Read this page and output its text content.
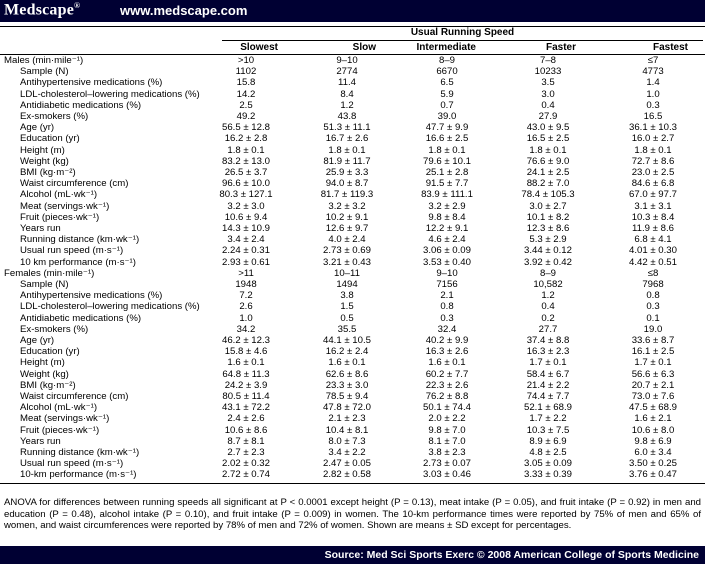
Medscape®	www.medscape.com
Usual Running Speed
Slowest	Slow	Intermediate	Faster	Fastest
Males (min·mile⁻¹)	>10	9–10	8–9	7–8	≤7
Sample (N)	1102	2774	6670	10233	4773
Antihypertensive medications (%)	15.8	11.4	6.5	3.5	1.4
LDL-cholesterol–lowering medications (%)	14.2	8.4	5.9	3.0	1.0
Antidiabetic medications (%)	2.5	1.2	0.7	0.4	0.3
Ex-smokers (%)	49.2	43.8	39.0	27.9	16.5
Age (yr)	56.5 ± 12.8	51.3 ± 11.1	47.7 ± 9.9	43.0 ± 9.5	36.1 ± 10.3
Education (yr)	16.2 ± 2.8	16.7 ± 2.6	16.6 ± 2.5	16.5 ± 2.5	16.0 ± 2.7
Height (m)	1.8 ± 0.1	1.8 ± 0.1	1.8 ± 0.1	1.8 ± 0.1	1.8 ± 0.1
Weight (kg)	83.2 ± 13.0	81.9 ± 11.7	79.6 ± 10.1	76.6 ± 9.0	72.7 ± 8.6
BMI (kg·m⁻²)	26.5 ± 3.7	25.9 ± 3.3	25.1 ± 2.8	24.1 ± 2.5	23.0 ± 2.5
Waist circumference (cm)	96.6 ± 10.0	94.0 ± 8.7	91.5 ± 7.7	88.2 ± 7.0	84.6 ± 6.8
Alcohol (mL·wk⁻¹)	80.3 ± 127.1	81.7 ± 119.3	83.9 ± 111.1	78.4 ± 105.3	67.0 ± 97.7
Meat (servings·wk⁻¹)	3.2 ± 3.0	3.2 ± 3.2	3.2 ± 2.9	3.0 ± 2.7	3.1 ± 3.1
Fruit (pieces·wk⁻¹)	10.6 ± 9.4	10.2 ± 9.1	9.8 ± 8.4	10.1 ± 8.2	10.3 ± 8.4
Years run	14.3 ± 10.9	12.6 ± 9.7	12.2 ± 9.1	12.3 ± 8.6	11.9 ± 8.6
Running distance (km·wk⁻¹)	3.4 ± 2.4	4.0 ± 2.4	4.6 ± 2.4	5.3 ± 2.9	6.8 ± 4.1
Usual run speed (m·s⁻¹)	2.24 ± 0.31	2.73 ± 0.69	3.06 ± 0.09	3.44 ± 0.12	4.01 ± 0.30
10 km performance (m·s⁻¹)	2.93 ± 0.61	3.21 ± 0.43	3.53 ± 0.40	3.92 ± 0.42	4.42 ± 0.51
Females (min·mile⁻¹)	>11	10–11	9–10	8–9	≤8
Sample (N)	1948	1494	7156	10,582	7968
Antihypertensive medications (%)	7.2	3.8	2.1	1.2	0.8
LDL-cholesterol–lowering medications (%)	2.6	1.5	0.8	0.4	0.3
Antidiabetic medications (%)	1.0	0.5	0.3	0.2	0.1
Ex-smokers (%)	34.2	35.5	32.4	27.7	19.0
Age (yr)	46.2 ± 12.3	44.1 ± 10.5	40.2 ± 9.9	37.4 ± 8.8	33.6 ± 8.7
Education (yr)	15.8 ± 4.6	16.2 ± 2.4	16.3 ± 2.6	16.3 ± 2.3	16.1 ± 2.5
Height (m)	1.6 ± 0.1	1.6 ± 0.1	1.6 ± 0.1	1.7 ± 0.1	1.7 ± 0.1
Weight (kg)	64.8 ± 11.3	62.6 ± 8.6	60.2 ± 7.7	58.4 ± 6.7	56.6 ± 6.3
BMI (kg·m⁻²)	24.2 ± 3.9	23.3 ± 3.0	22.3 ± 2.6	21.4 ± 2.2	20.7 ± 2.1
Waist circumference (cm)	80.5 ± 11.4	78.5 ± 9.4	76.2 ± 8.8	74.4 ± 7.7	73.0 ± 7.6
Alcohol (mL·wk⁻¹)	43.1 ± 72.2	47.8 ± 72.0	50.1 ± 74.4	52.1 ± 68.9	47.5 ± 68.9
Meat (servings·wk⁻¹)	2.4 ± 2.6	2.1 ± 2.3	2.0 ± 2.2	1.7 ± 2.2	1.6 ± 2.1
Fruit (pieces·wk⁻¹)	10.6 ± 8.6	10.4 ± 8.1	9.8 ± 7.0	10.3 ± 7.5	10.6 ± 8.0
Years run	8.7 ± 8.1	8.0 ± 7.3	8.1 ± 7.0	8.9 ± 6.9	9.8 ± 6.9
Running distance (km·wk⁻¹)	2.7 ± 2.3	3.4 ± 2.2	3.8 ± 2.3	4.8 ± 2.5	6.0 ± 3.4
Usual run speed (m·s⁻¹)	2.02 ± 0.32	2.47 ± 0.05	2.73 ± 0.07	3.05 ± 0.09	3.50 ± 0.25
10-km performance (m·s⁻¹)	2.72 ± 0.74	2.82 ± 0.58	3.03 ± 0.46	3.33 ± 0.39	3.76 ± 0.47
ANOVA for differences between running speeds all significant at P < 0.0001 except height (P = 0.13), meat intake (P = 0.05), and fruit intake (P = 0.92) in men and education (P = 0.48), alcohol intake (P = 0.10), and fruit intake (P = 0.009) in women. The 10-km performance times were reported by 75% of men and 65% of women, and waist circumferences were reported by 78% of men and 72% of women. Shown are means ± SD except for percentages.
Source: Med Sci Sports Exerc © 2008 American College of Sports Medicine
